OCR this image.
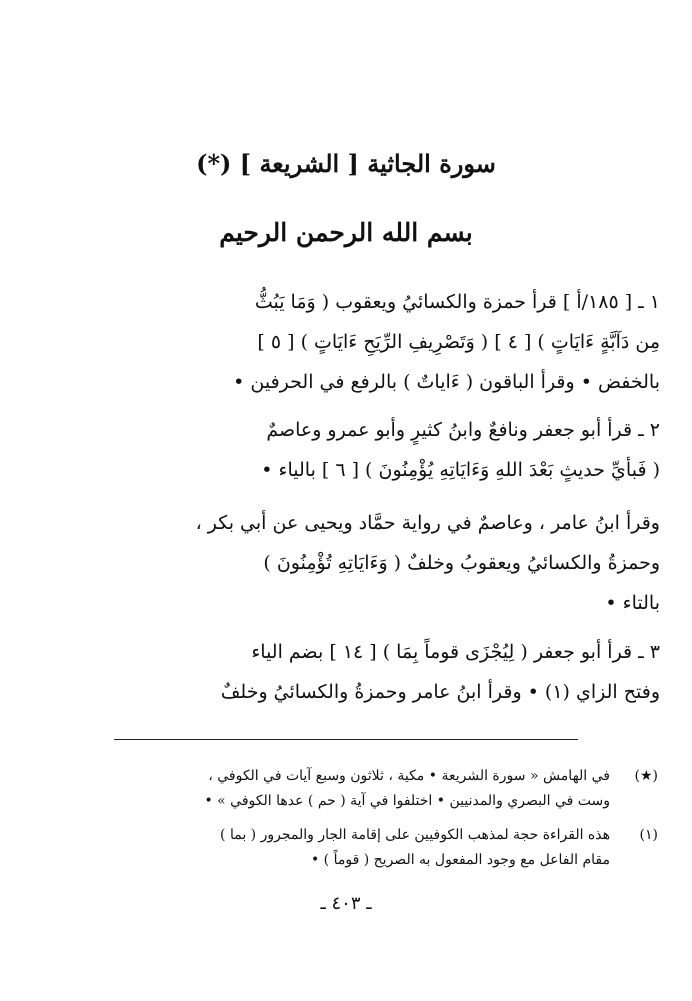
سورة الجاثية [ الشريعة ] (*)
بسم الله الرحمن الرحيم
١ ـ [ ١٨٥/أ ] قرأ حمزة والكسائيُ ويعقوب ( وَمَا يَبُثُّ
مِن دَآبَّةٍ ءَايَاتٍ ) [ ٤ ] ( وَتَصْرِيفِ الرِّيَحِ ءَايَاتٍ ) [ ٥ ]
بالخفض • وقرأ الباقون ( ءَاياتٌ ) بالرفع في الحرفين •
٢ ـ قرأ أبو جعفر ونافعٌ وابنُ كثيرٍ وأبو عمرو وعاصمٌ
( فَبأيِّ حديثٍ بَعْدَ اللهِ وَءَايَاتِهِ يُؤْمِنُونَ ) [ ٦ ] بالياء •
وقرأ ابنُ عامر ، وعاصمٌ في رواية حمَّاد ويحيى عن أبي بكر ،
وحمزةُ والكسائيُ ويعقوبُ وخلفٌ ( وَءَايَاتِهِ تُؤْمِنُونَ )
بالتاء •
٣ ـ قرأ أبو جعفر ( لِيُجْزَى قوماً بِمَا ) [ ١٤ ] بضم الياء
وفتح الزاي (١) • وقرأ ابنُ عامر وحمزةُ والكسائيُ وخلفٌ
(★)
في الهامش « سورة الشريعة • مكية ، ثلاثون وسبع آيات في الكوفي ،
وست في البصري والمدنيين • اختلفوا في آية ( حم ) عدها الكوفي » •
(١)
هذه القراءة حجة لمذهب الكوفيين على إقامة الجار والمجرور ( بما )
مقام الفاعل مع وجود المفعول به الصريح ( قوماً ) •
ـ ٤٠٣ ـ
